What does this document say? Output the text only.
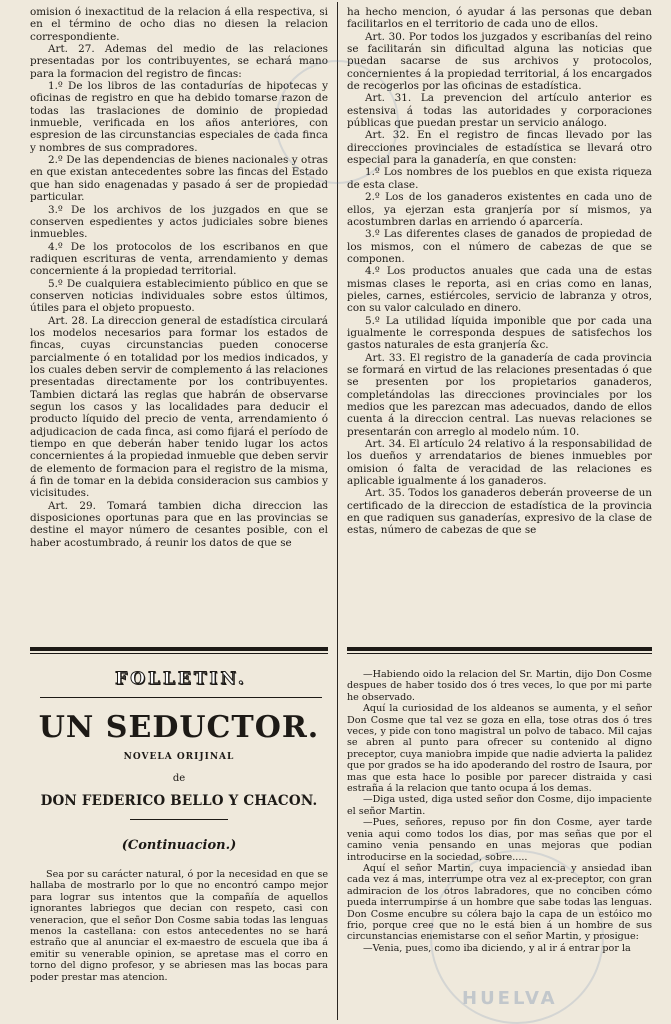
omision ó inexactitud de la relacion á ella respectiva, si en el término de ocho dias no diesen la relacion correspondiente.

Art. 27. Ademas del medio de las relaciones presentadas por los contribuyentes, se echará mano para la formacion del registro de fincas:

1.º De los libros de las contadurías de hipotecas y oficinas de registro en que ha debido tomarse razon de todas las traslaciones de dominio de propiedad inmueble, verificada en los años anteriores, con espresion de las circunstancias especiales de cada finca y nombres de sus compradores.

2.º De las dependencias de bienes nacionales y otras en que existan antecedentes sobre las fincas del Estado que han sido enagenadas y pasado á ser de propiedad particular.

3.º De los archivos de los juzgados en que se conserven espedientes y actos judiciales sobre bienes inmuebles.

4.º De los protocolos de los escribanos en que radiquen escrituras de venta, arrendamiento y demas concerniente á la propiedad territorial.

5.º De cualquiera establecimiento público en que se conserven noticias individuales sobre estos últimos, útiles para el objeto propuesto.

Art. 28. La direccion general de estadística circulará los modelos necesarios para formar los estados de fincas, cuyas circunstancias pueden conocerse parcialmente ó en totalidad por los medios indicados, y los cuales deben servir de complemento á las relaciones presentadas directamente por los contribuyentes. Tambien dictará las reglas que habrán de observarse segun los casos y las localidades para deducir el producto líquido del precio de venta, arrendamiento ó adjudicacion de cada finca, asi como fijará el período de tiempo en que deberán haber tenido lugar los actos concernientes á la propiedad inmueble que deben servir de elemento de formacion para el registro de la misma, á fin de tomar en la debida consideracion sus cambios y vicisitudes.

Art. 29. Tomará tambien dicha direccion las disposiciones oportunas para que en las provincias se destine el mayor número de cesantes posible, con el haber acostumbrado, á reunir los datos de que se

ha hecho mencion, ó ayudar á las personas que deban facilitarlos en el territorio de cada uno de ellos.

Art. 30. Por todos los juzgados y escribanías del reino se facilitarán sin dificultad alguna las noticias que puedan sacarse de sus archivos y protocolos, concernientes á la propiedad territorial, á los encargados de recogerlos por las oficinas de estadística.

Art. 31. La prevencion del artículo anterior es estensiva á todas las autoridades y corporaciones públicas que puedan prestar un servicio análogo.

Art. 32. En el registro de fincas llevado por las direcciones provinciales de estadística se llevará otro especial para la ganadería, en que consten:

1.º Los nombres de los pueblos en que exista riqueza de esta clase.

2.º Los de los ganaderos existentes en cada uno de ellos, ya ejerzan esta granjería por sí mismos, ya acostumbren darlas en arriendo ó aparcería.

3.º Las diferentes clases de ganados de propiedad de los mismos, con el número de cabezas de que se componen.

4.º Los productos anuales que cada una de estas mismas clases le reporta, asi en crias como en lanas, pieles, carnes, estiércoles, servicio de labranza y otros, con su valor calculado en dinero.

5.º La utilidad líquida imponible que por cada una igualmente le corresponda despues de satisfechos los gastos naturales de esta granjería &c.

Art. 33. El registro de la ganadería de cada provincia se formará en virtud de las relaciones presentadas ó que se presenten por los propietarios ganaderos, completándolas las direcciones provinciales por los medios que les parezcan mas adecuados, dando de ellos cuenta á la direccion central. Las nuevas relaciones se presentarán con arreglo al modelo núm. 10.

Art. 34. El artículo 24 relativo á la responsabilidad de los dueños y arrendatarios de bienes inmuebles por omision ó falta de veracidad de las relaciones es aplicable igualmente á los ganaderos.

Art. 35. Todos los ganaderos deberán proveerse de un certificado de la direccion de estadística de la provincia en que radiquen sus ganaderías, expresivo de la clase de estas, número de cabezas de que se

FOLLETIN.
UN SEDUCTOR.
NOVELA ORIJINAL
de
DON FEDERICO BELLO Y CHACON.
(Continuacion.)

Sea por su carácter natural, ó por la necesidad en que se hallaba de mostrarlo por lo que no encontró campo mejor para lograr sus intentos que la compañía de aquellos ignorantes labriegos que decian con respeto, casi con veneracion, que el señor Don Cosme sabia todas las lenguas menos la castellana: con estos antecedentes no se hará estraño que al anunciar el ex-maestro de escuela que iba á emitir su venerable opinion, se apretase mas el corro en torno del digno profesor, y se abriesen mas las bocas para poder prestar mas atencion.

—Habiendo oido la relacion del Sr. Martin, dijo Don Cosme despues de haber tosido dos ó tres veces, lo que por mi parte he observado.

Aquí la curiosidad de los aldeanos se aumenta, y el señor Don Cosme que tal vez se goza en ella, tose otras dos ó tres veces, y pide con tono magistral un polvo de tabaco. Mil cajas se abren al punto para ofrecer su contenido al digno preceptor, cuya maniobra impide que nadie advierta la palidez que por grados se ha ido apoderando del rostro de Isaura, por mas que esta hace lo posible por parecer distraida y casi estraña á la relacion que tanto ocupa á los demas.

—Diga usted, diga usted señor don Cosme, dijo impaciente el señor Martin.

—Pues, señores, repuso por fin don Cosme, ayer tarde venia aqui como todos los dias, por mas señas que por el camino venia pensando en unas mejoras que podian introducirse en la sociedad, sobre.....

Aquí el señor Martin, cuya impaciencia y ansiedad iban cada vez á mas, interrumpe otra vez al ex-preceptor, con gran admiracion de los otros labradores, que no conciben cómo pueda interrumpirse á un hombre que sabe todas las lenguas. Don Cosme encubre su cólera bajo la capa de un estóico mo frio, porque cree que no le está bien á un hombre de sus circunstancias enemistarse con el señor Martin, y prosigue:

—Venia, pues, como iba diciendo, y al ir á entrar por la

HUELVA
